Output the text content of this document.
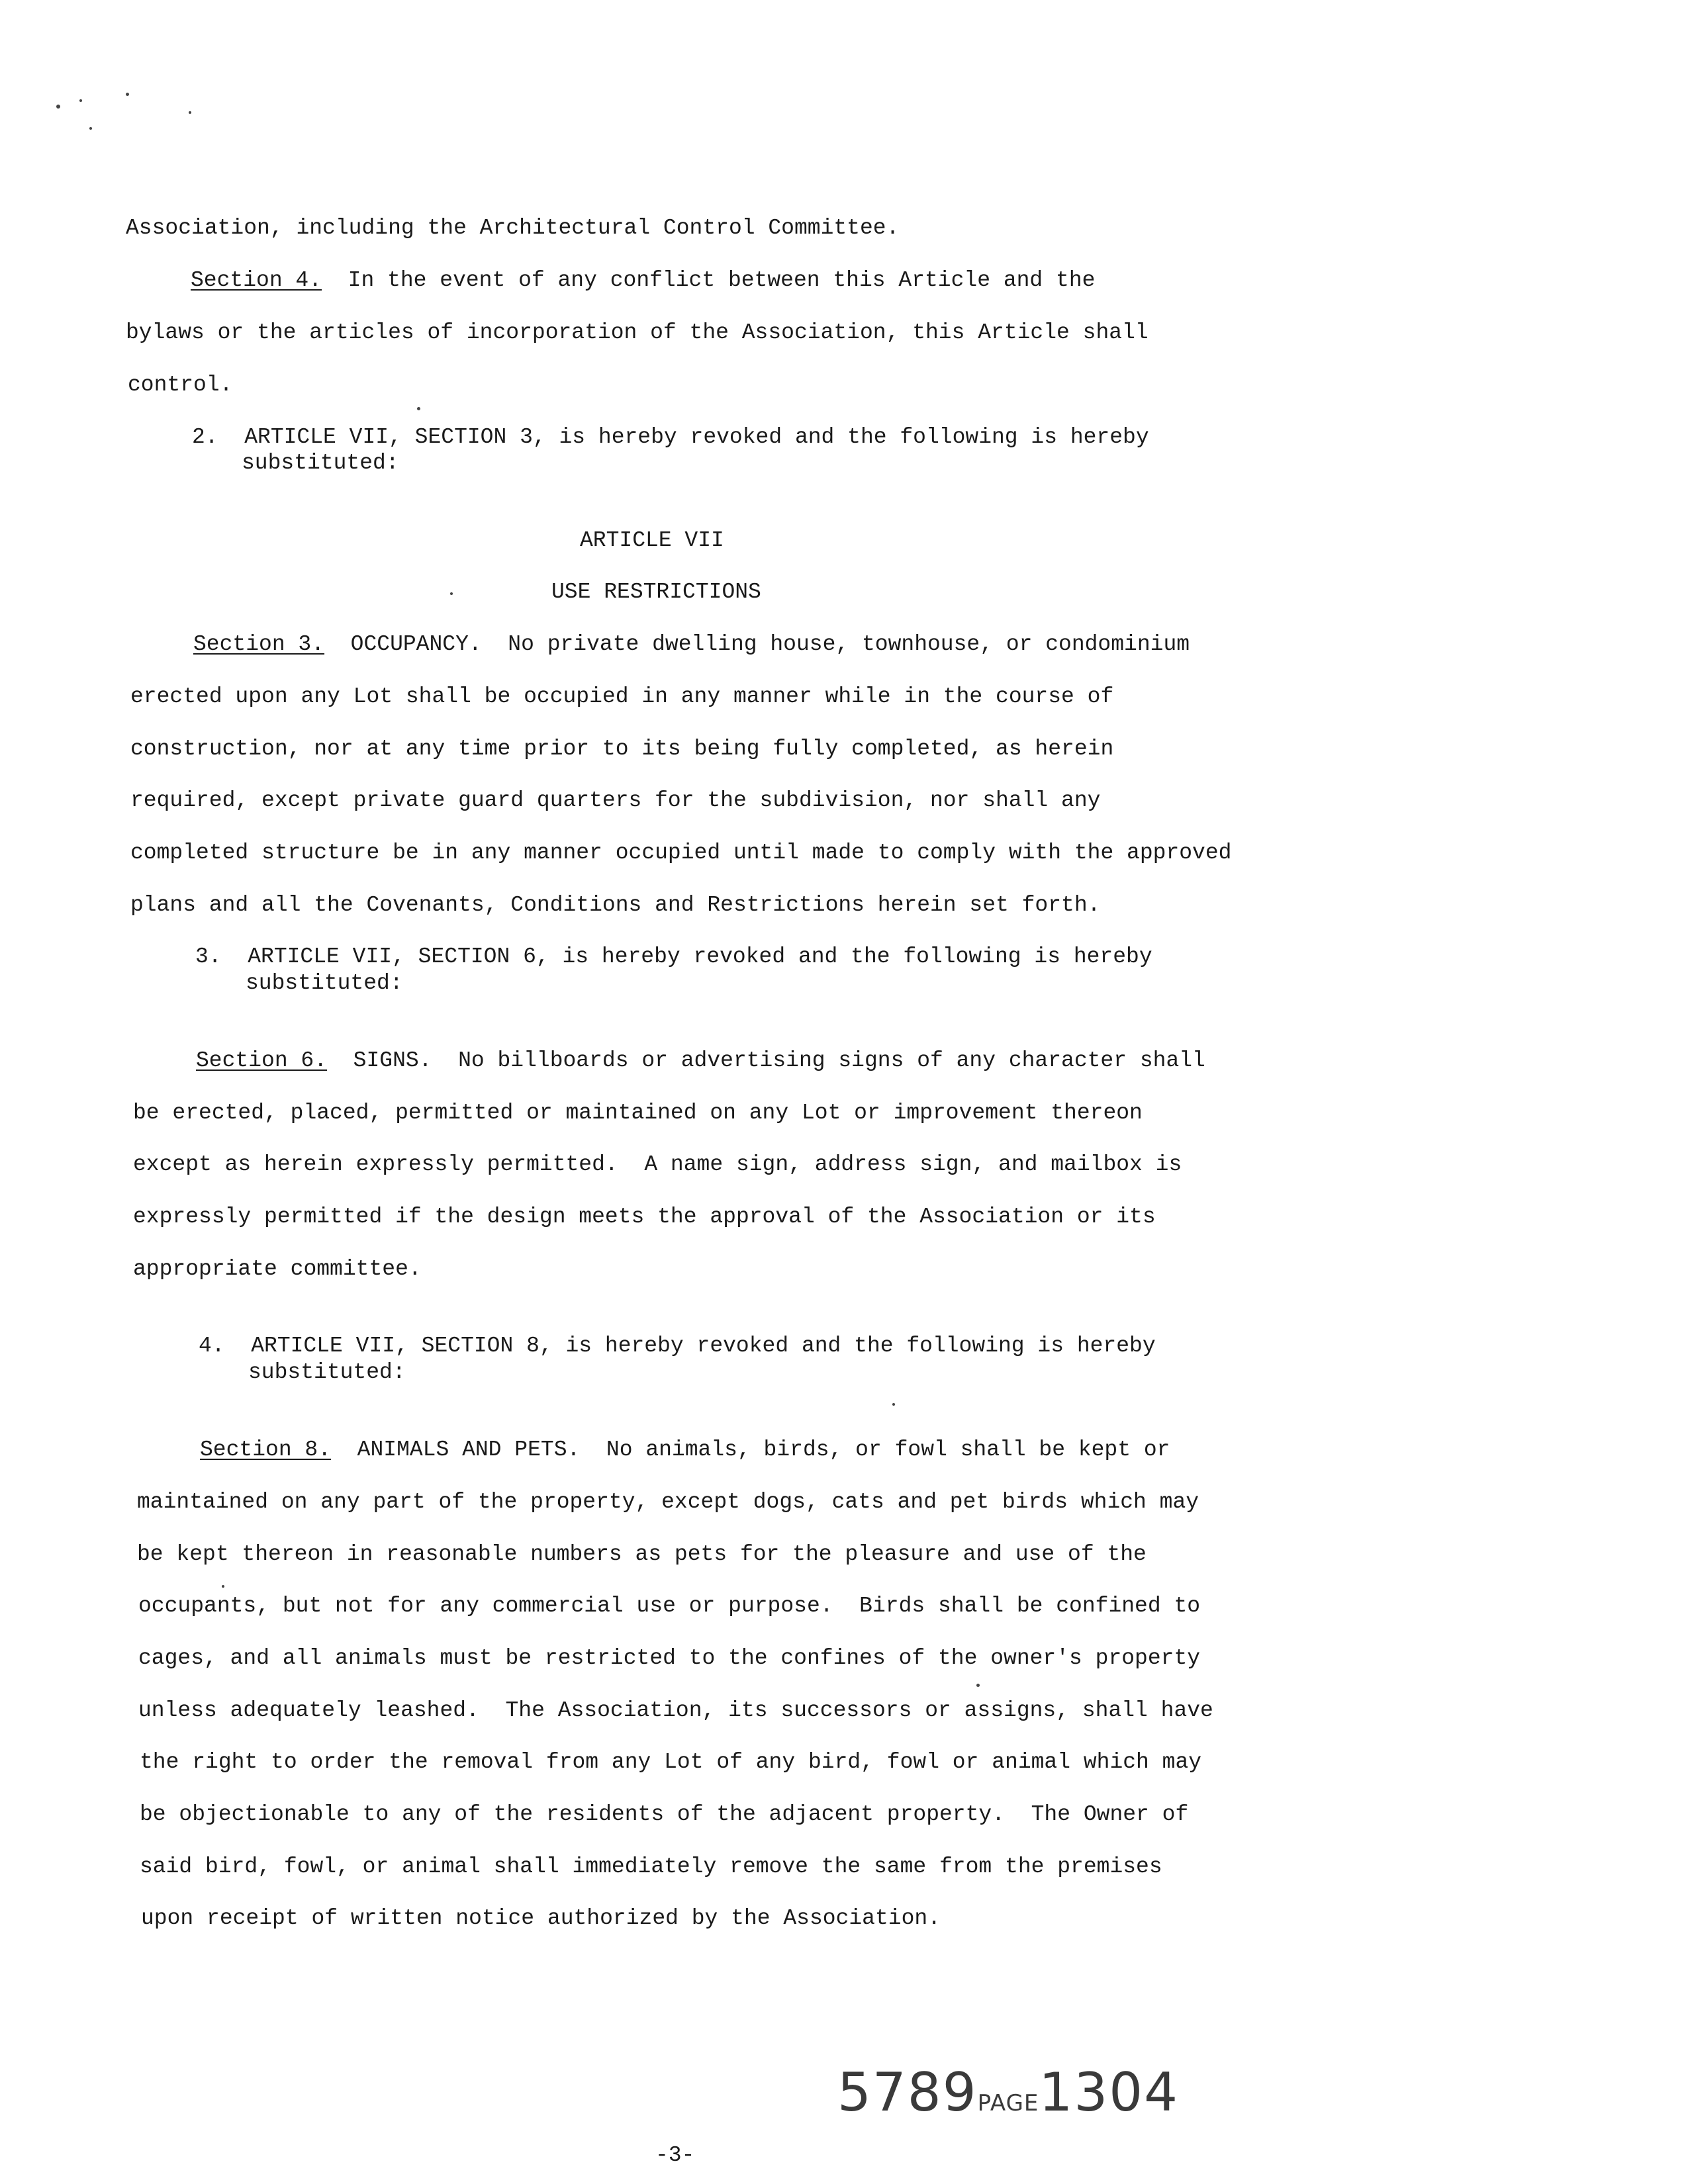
Association, including the Architectural Control Committee.
Section 4.  In the event of any conflict between this Article and the
bylaws or the articles of incorporation of the Association, this Article shall
control.
2.  ARTICLE VII, SECTION 3, is hereby revoked and the following is hereby
substituted:
ARTICLE VII
USE RESTRICTIONS
Section 3.  OCCUPANCY.  No private dwelling house, townhouse, or condominium
erected upon any Lot shall be occupied in any manner while in the course of
construction, nor at any time prior to its being fully completed, as herein
required, except private guard quarters for the subdivision, nor shall any
completed structure be in any manner occupied until made to comply with the approved
plans and all the Covenants, Conditions and Restrictions herein set forth.
3.  ARTICLE VII, SECTION 6, is hereby revoked and the following is hereby
substituted:
Section 6.  SIGNS.  No billboards or advertising signs of any character shall
be erected, placed, permitted or maintained on any Lot or improvement thereon
except as herein expressly permitted.  A name sign, address sign, and mailbox is
expressly permitted if the design meets the approval of the Association or its
appropriate committee.
4.  ARTICLE VII, SECTION 8, is hereby revoked and the following is hereby
substituted:
Section 8.  ANIMALS AND PETS.  No animals, birds, or fowl shall be kept or
maintained on any part of the property, except dogs, cats and pet birds which may
be kept thereon in reasonable numbers as pets for the pleasure and use of the
occupants, but not for any commercial use or purpose.  Birds shall be confined to
cages, and all animals must be restricted to the confines of the owner's property
unless adequately leashed.  The Association, its successors or assigns, shall have
the right to order the removal from any Lot of any bird, fowl or animal which may
be objectionable to any of the residents of the adjacent property.  The Owner of
said bird, fowl, or animal shall immediately remove the same from the premises
upon receipt of written notice authorized by the Association.
5789PAGE1304
-3-
